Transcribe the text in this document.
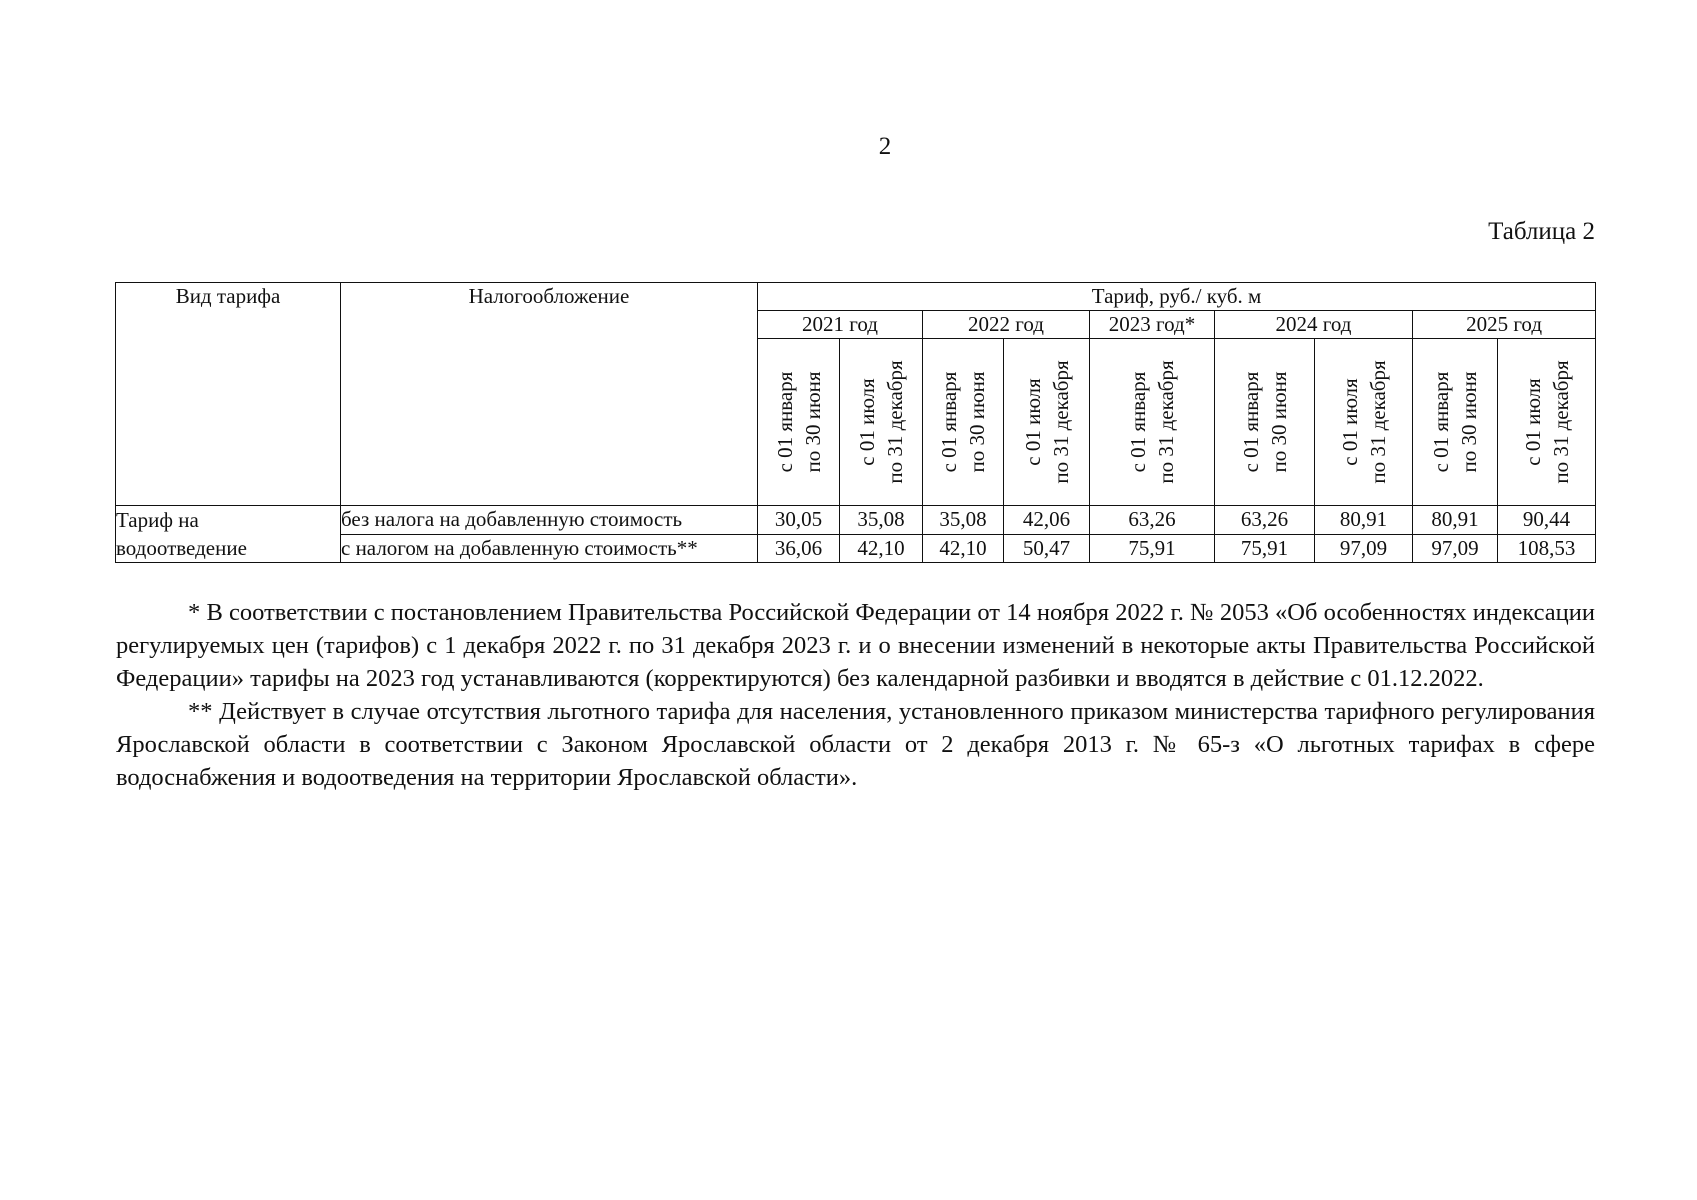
2
Таблица 2
Вид тарифа	Налогообложение	Тариф, руб./ куб. м								
		2021 год		2022 год		2023 год*	2024 год		2025 год	

		с 01 января по 30 июня	с 01 июля по 31 декабря	с 01 января по 30 июня	с 01 июля по 31 декабря	с 01 января по 31 декабря	с 01 января по 30 июня	с 01 июля по 31 декабря	с 01 января по 30 июня	с 01 июля по 31 декабря

Тариф на
водоотведение	без налога на добавленную стоимость	30,05	35,08	35,08	42,06	63,26	63,26	80,91	80,91	90,44
	с налогом на добавленную стоимость**	36,06	42,10	42,10	50,47	75,91	75,91	97,09	97,09	108,53

* В соответствии с постановлением Правительства Российской Федерации от 14 ноября 2022 г. № 2053 «Об особенностях индексации регулируемых цен (тарифов) с 1 декабря 2022 г. по 31 декабря 2023 г. и о внесении изменений в некоторые акты Правительства Российской Федерации» тарифы на 2023 год устанавливаются (корректируются) без календарной разбивки и вводятся в действие с 01.12.2022.

** Действует в случае отсутствия льготного тарифа для населения, установленного приказом министерства тарифного регулирования Ярославской области в соответствии с Законом Ярославской области от 2 декабря 2013 г. № 65-з «О льготных тарифах в сфере водоснабжения и водоотведения на территории Ярославской области».
